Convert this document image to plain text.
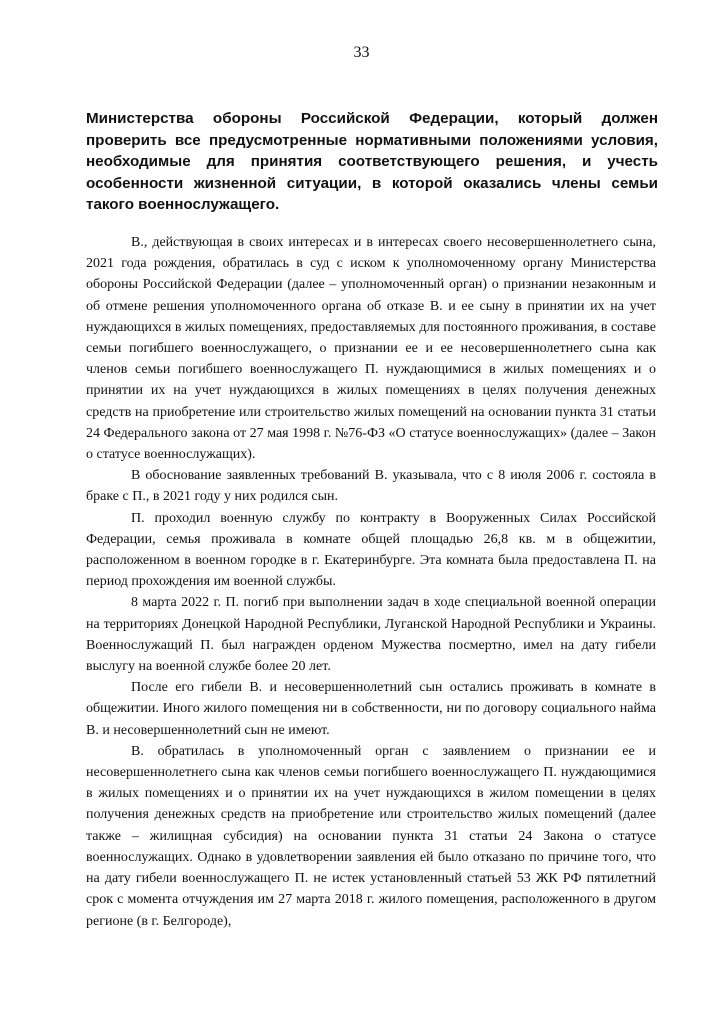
33

Министерства обороны Российской Федерации, который должен проверить все предусмотренные нормативными положениями условия, необходимые для принятия соответствующего решения, и учесть особенности жизненной ситуации, в которой оказались члены семьи такого военнослужащего.

В., действующая в своих интересах и в интересах своего несовершеннолетнего сына, 2021 года рождения, обратилась в суд с иском к уполномоченному органу Министерства обороны Российской Федерации (далее – уполномоченный орган) о признании незаконным и об отмене решения уполномоченного органа об отказе В. и ее сыну в принятии их на учет нуждающихся в жилых помещениях, предоставляемых для постоянного проживания, в составе семьи погибшего военнослужащего, о признании ее и ее несовершеннолетнего сына как членов семьи погибшего военнослужащего П. нуждающимися в жилых помещениях и о принятии их на учет нуждающихся в жилых помещениях в целях получения денежных средств на приобретение или строительство жилых помещений на основании пункта 31 статьи 24 Федерального закона от 27 мая 1998 г. №76-ФЗ «О статусе военнослужащих» (далее – Закон о статусе военнослужащих).

В обоснование заявленных требований В. указывала, что с 8 июля 2006 г. состояла в браке с П., в 2021 году у них родился сын.

П. проходил военную службу по контракту в Вооруженных Силах Российской Федерации, семья проживала в комнате общей площадью 26,8 кв. м в общежитии, расположенном в военном городке в г. Екатеринбурге. Эта комната была предоставлена П. на период прохождения им военной службы.

8 марта 2022 г. П. погиб при выполнении задач в ходе специальной военной операции на территориях Донецкой Народной Республики, Луганской Народной Республики и Украины. Военнослужащий П. был награжден орденом Мужества посмертно, имел на дату гибели выслугу на военной службе более 20 лет.

После его гибели В. и несовершеннолетний сын остались проживать в комнате в общежитии. Иного жилого помещения ни в собственности, ни по договору социального найма В. и несовершеннолетний сын не имеют.

В. обратилась в уполномоченный орган с заявлением о признании ее и несовершеннолетнего сына как членов семьи погибшего военнослужащего П. нуждающимися в жилых помещениях и о принятии их на учет нуждающихся в жилом помещении в целях получения денежных средств на приобретение или строительство жилых помещений (далее также – жилищная субсидия) на основании пункта 31 статьи 24 Закона о статусе военнослужащих. Однако в удовлетворении заявления ей было отказано по причине того, что на дату гибели военнослужащего П. не истек установленный статьей 53 ЖК РФ пятилетний срок с момента отчуждения им 27 марта 2018 г. жилого помещения, расположенного в другом регионе (в г. Белгороде),
